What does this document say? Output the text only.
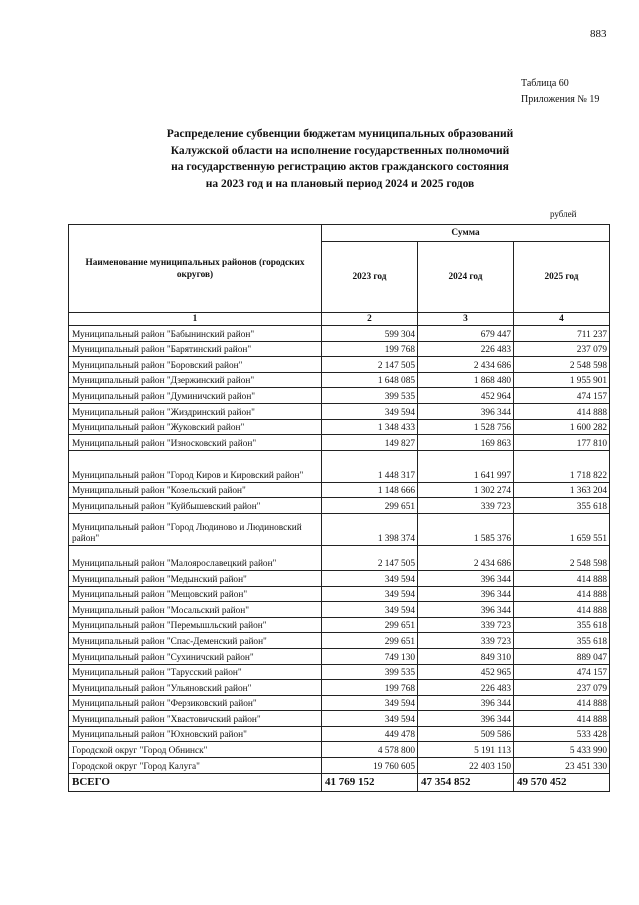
883
Таблица 60
Приложения № 19
Распределение субвенции бюджетам муниципальных образований
Калужской области на исполнение государственных полномочий
на государственную регистрацию актов гражданского состояния
на 2023 год и на плановый период 2024 и 2025 годов
рублей
Наименование муниципальных районов (городских округов)	Сумма		
	2023 год	2024 год	2025 год
1	2	3	4
Муниципальный район "Бабынинский район"	599 304	679 447	711 237
Муниципальный район "Барятинский район"	199 768	226 483	237 079
Муниципальный район "Боровский район"	2 147 505	2 434 686	2 548 598
Муниципальный район "Дзержинский район"	1 648 085	1 868 480	1 955 901
Муниципальный район "Думиничский район"	399 535	452 964	474 157
Муниципальный район "Жиздринский район"	349 594	396 344	414 888
Муниципальный район "Жуковский район"	1 348 433	1 528 756	1 600 282
Муниципальный район "Износковский район"	149 827	169 863	177 810
Муниципальный район "Город Киров и Кировский район"	1 448 317	1 641 997	1 718 822
Муниципальный район "Козельский район"	1 148 666	1 302 274	1 363 204
Муниципальный район "Куйбышевский район"	299 651	339 723	355 618
Муниципальный район "Город Людиново и Людиновский район"	1 398 374	1 585 376	1 659 551
Муниципальный район "Малоярославецкий район"	2 147 505	2 434 686	2 548 598
Муниципальный район "Медынский район"	349 594	396 344	414 888
Муниципальный район "Мещовский район"	349 594	396 344	414 888
Муниципальный район "Мосальский район"	349 594	396 344	414 888
Муниципальный район "Перемышльский район"	299 651	339 723	355 618
Муниципальный район "Спас-Деменский район"	299 651	339 723	355 618
Муниципальный район "Сухиничский район"	749 130	849 310	889 047
Муниципальный район "Тарусский район"	399 535	452 965	474 157
Муниципальный район "Ульяновский район"	199 768	226 483	237 079
Муниципальный район "Ферзиковский район"	349 594	396 344	414 888
Муниципальный район "Хвастовичский район"	349 594	396 344	414 888
Муниципальный район "Юхновский район"	449 478	509 586	533 428
Городской округ "Город Обнинск"	4 578 800	5 191 113	5 433 990
Городской округ "Город Калуга"	19 760 605	22 403 150	23 451 330
ВСЕГО	41 769 152	47 354 852	49 570 452
